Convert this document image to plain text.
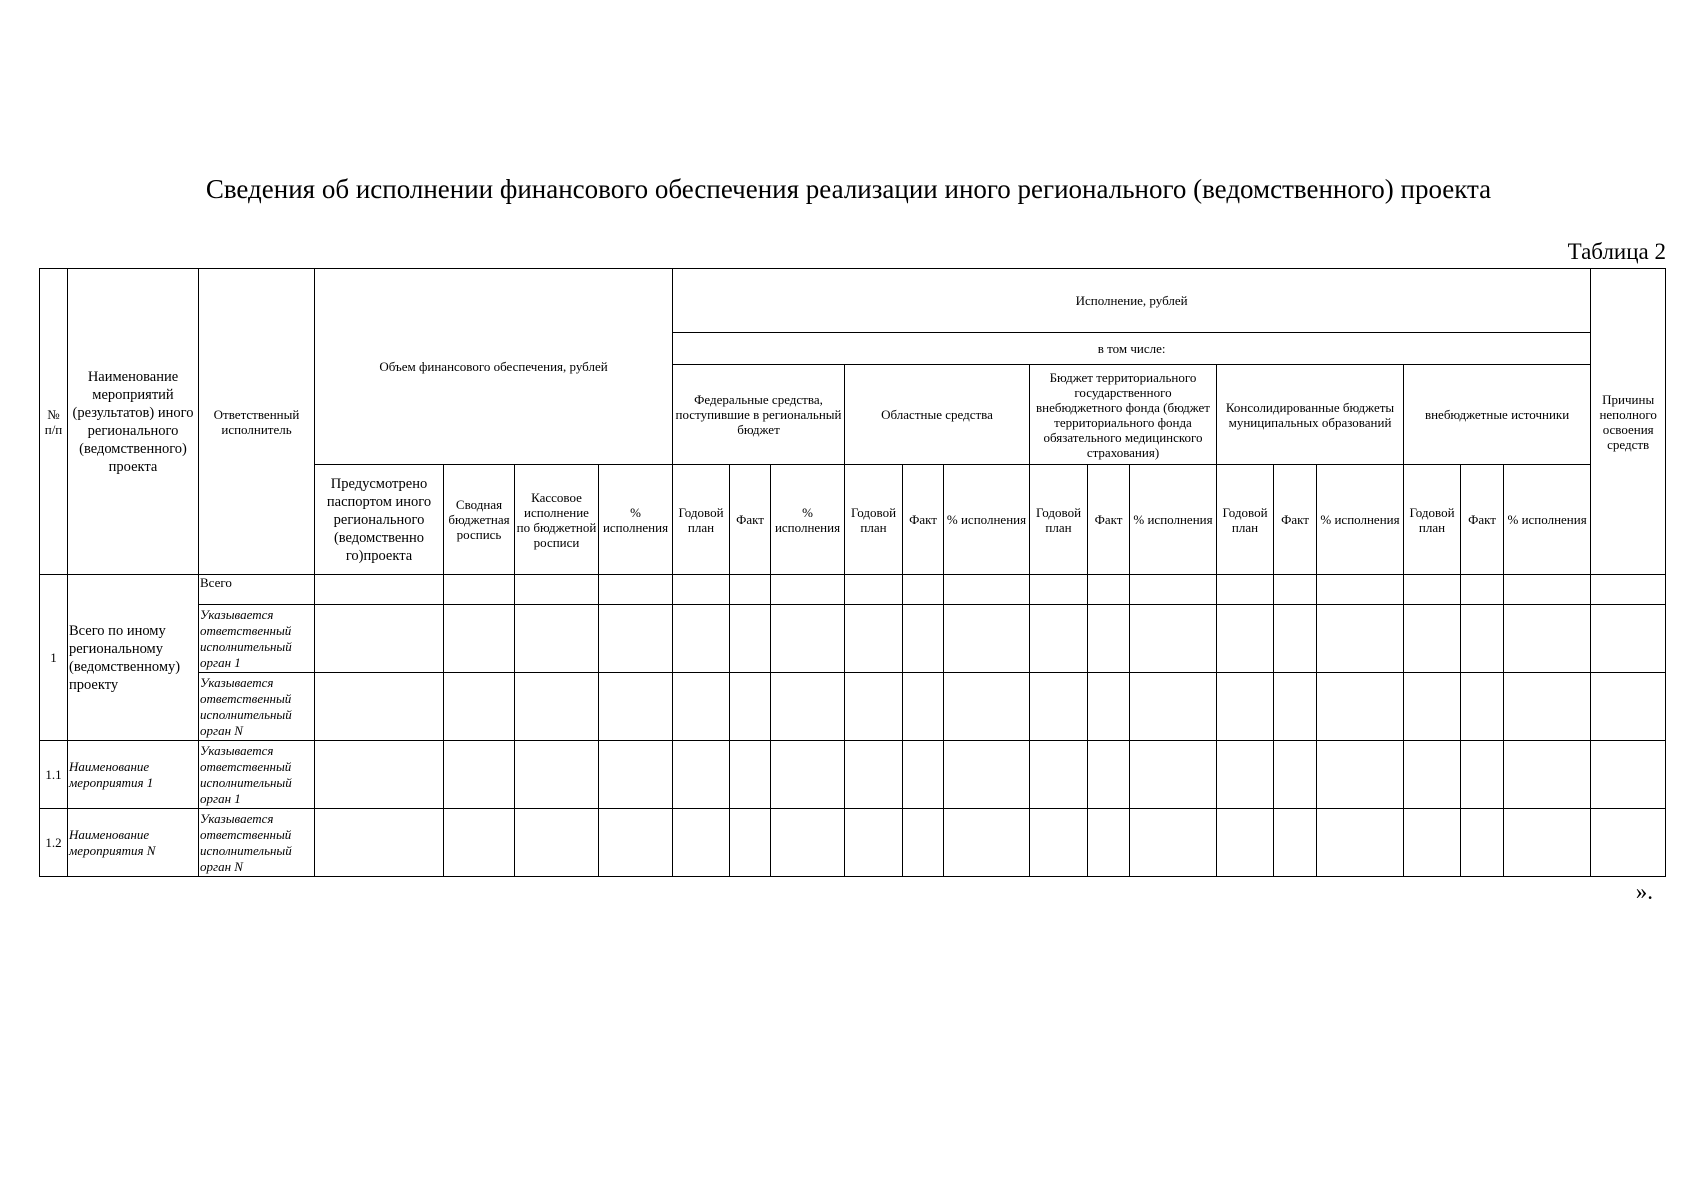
Сведения об исполнении финансового обеспечения реализации иного регионального (ведомственного) проекта
Таблица 2
№ п/п	Наименование мероприятий (результатов) иного регионального (ведомственного) проекта	Ответственный исполнитель	Объем финансового обеспечения, рублей				Исполнение, рублей															Причины неполного освоения средств
							в том числе:															
							Федеральные средства, поступившие в региональный бюджет			Областные средства			Бюджет территориального государственного внебюджетного фонда (бюджет территориального фонда обязательного медицинского страхования)			Консолидированные бюджеты муниципальных образований			внебюджетные источники			
			Предусмотрено паспортом иного регионального (ведомственно го)проекта	Сводная бюджетная роспись	Кассовое исполнение по бюджетной росписи	% исполнения	Годовой план	Факт	% исполнения	Годовой план	Факт	% исполнения	Годовой план	Факт	% исполнения	Годовой план	Факт	% исполнения	Годовой план	Факт	% исполнения	
1	Всего по иному региональному (ведомственному) проекту	Всего																				
		Указывается ответственный исполнительный орган 1																				
		Указывается ответственный исполнительный орган N																				
1.1	Наименование мероприятия 1	Указывается ответственный исполнительный орган 1																				
1.2	Наименование мероприятия N	Указывается ответственный исполнительный орган N																				
».
